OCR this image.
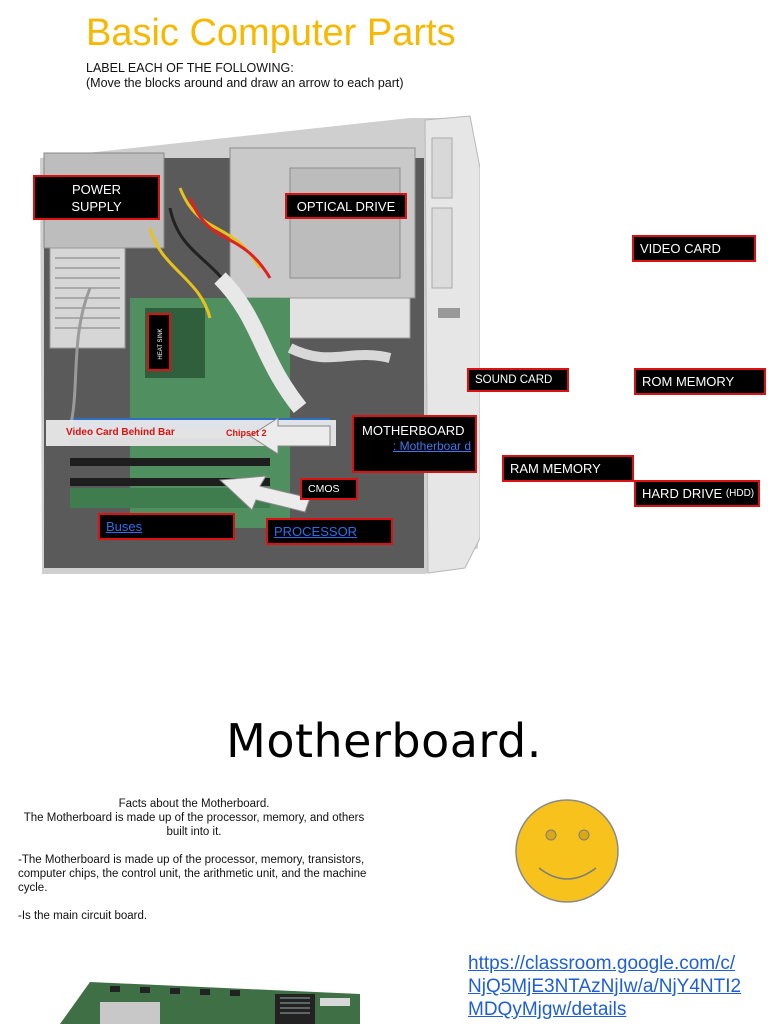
Basic Computer Parts
LABEL EACH OF THE FOLLOWING:
(Move the blocks around and draw an arrow to each part)
HEAT SINK
Video Card Behind Bar	Chipset 2
POWER SUPPLY	OPTICAL DRIVE
VIDEO CARD
SOUND CARD	ROM MEMORY
MOTHERBOARD
: Motherboar d
RAM MEMORY
HARD DRIVE
(HDD)
CMOS
Buses	PROCESSOR
Motherboard.

Facts about the Motherboard.

The Motherboard is made up of the processor, memory, and others built into it.

-The Motherboard is made up of the processor, memory, transistors, computer chips, the control unit, the arithmetic unit, and the machine cycle.

-Is the main circuit board.

https://classroom.google.com/c/NjQ5MjE3NTAzNjIw/a/NjY4NTI2MDQyMjgw/details
